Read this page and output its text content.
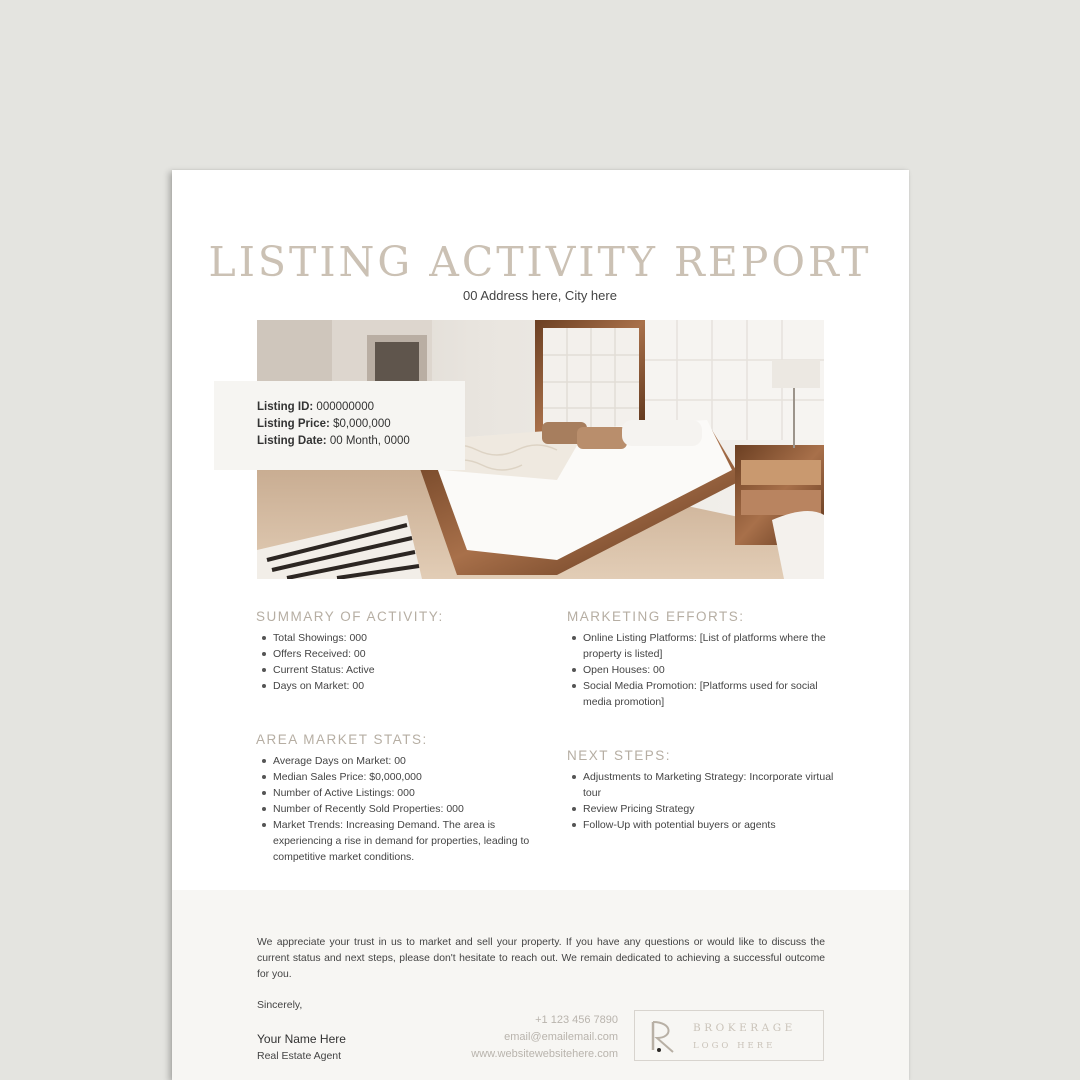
LISTING ACTIVITY REPORT
00 Address here, City here
Listing ID: 000000000
Listing Price: $0,000,000
Listing Date: 00 Month, 0000
SUMMARY OF ACTIVITY:
Total Showings: 000
Offers Received: 00
Current Status: Active
Days on Market: 00
MARKETING EFFORTS:
Online Listing Platforms: [List of platforms where the property is listed]
Open Houses: 00
Social Media Promotion: [Platforms used for social media promotion]
AREA MARKET STATS:
Average Days on Market: 00
Median Sales Price: $0,000,000
Number of Active Listings: 000
Number of Recently Sold Properties: 000
Market Trends: Increasing Demand. The area is experiencing a rise in demand for properties, leading to competitive market conditions.
NEXT STEPS:
Adjustments to Marketing Strategy: Incorporate virtual tour
Review Pricing Strategy
Follow-Up with potential buyers or agents
We appreciate your trust in us to market and sell your property. If you have any questions or would like to discuss the current status and next steps, please don't hesitate to reach out. We remain dedicated to achieving a successful outcome for you.
Sincerely,
Your Name Here
Real Estate Agent
+1 123 456 7890
email@emailemail.com
www.websitewebsitehere.com
BROKERAGE
LOGO HERE
